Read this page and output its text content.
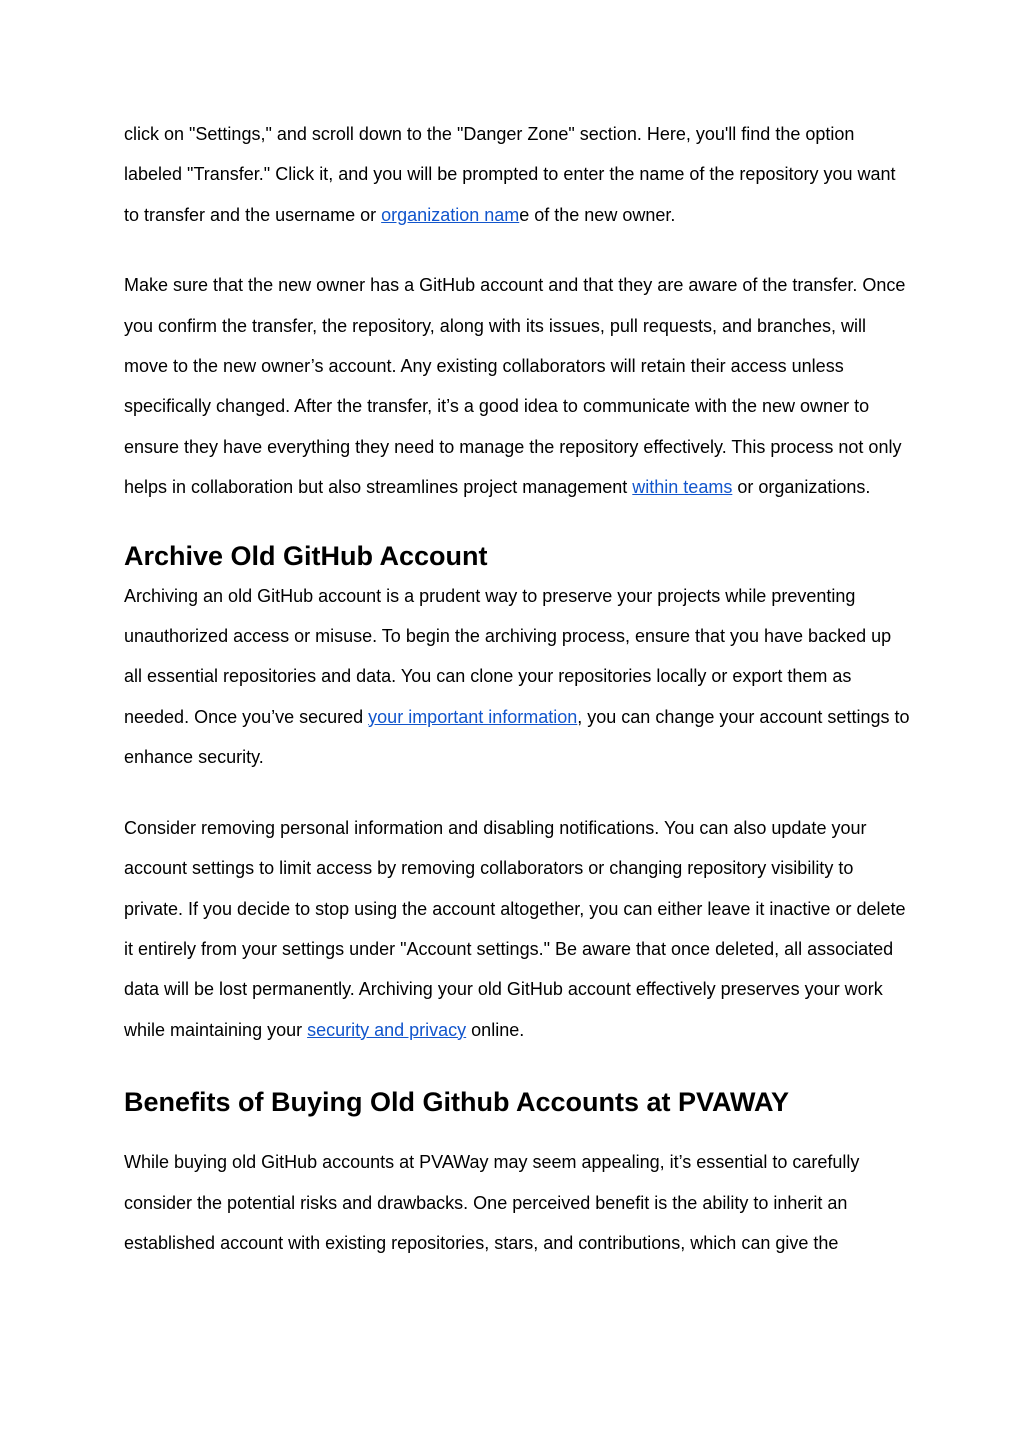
click on "Settings," and scroll down to the "Danger Zone" section. Here, you'll find the option labeled "Transfer." Click it, and you will be prompted to enter the name of the repository you want to transfer and the username or organization name of the new owner.

Make sure that the new owner has a GitHub account and that they are aware of the transfer. Once you confirm the transfer, the repository, along with its issues, pull requests, and branches, will move to the new owner’s account. Any existing collaborators will retain their access unless specifically changed. After the transfer, it’s a good idea to communicate with the new owner to ensure they have everything they need to manage the repository effectively. This process not only helps in collaboration but also streamlines project management within teams or organizations.

Archive Old GitHub Account

Archiving an old GitHub account is a prudent way to preserve your projects while preventing unauthorized access or misuse. To begin the archiving process, ensure that you have backed up all essential repositories and data. You can clone your repositories locally or export them as needed. Once you’ve secured your important information, you can change your account settings to enhance security.

Consider removing personal information and disabling notifications. You can also update your account settings to limit access by removing collaborators or changing repository visibility to private. If you decide to stop using the account altogether, you can either leave it inactive or delete it entirely from your settings under "Account settings." Be aware that once deleted, all associated data will be lost permanently. Archiving your old GitHub account effectively preserves your work while maintaining your security and privacy online.

Benefits of Buying Old Github Accounts at PVAWAY

While buying old GitHub accounts at PVAWay may seem appealing, it’s essential to carefully consider the potential risks and drawbacks. One perceived benefit is the ability to inherit an established account with existing repositories, stars, and contributions, which can give the
